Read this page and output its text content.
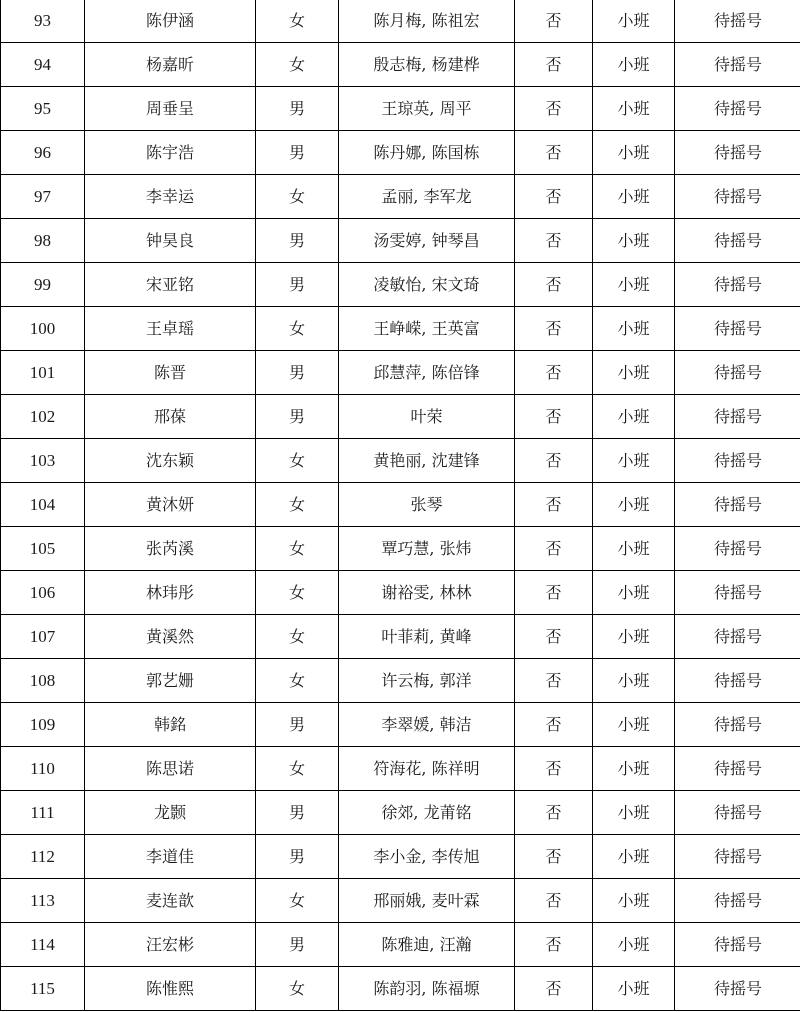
93	陈伊涵	女	陈月梅, 陈祖宏	否	小班	待摇号
94	杨嘉昕	女	殷志梅, 杨建桦	否	小班	待摇号
95	周垂呈	男	王琼英, 周平	否	小班	待摇号
96	陈宇浩	男	陈丹娜, 陈国栋	否	小班	待摇号
97	李幸运	女	孟丽, 李军龙	否	小班	待摇号
98	钟昊良	男	汤雯婷, 钟琴昌	否	小班	待摇号
99	宋亚铭	男	凌敏怡, 宋文琦	否	小班	待摇号
100	王卓瑶	女	王峥嵘, 王英富	否	小班	待摇号
101	陈晋	男	邱慧萍, 陈倍锋	否	小班	待摇号
102	邢葆	男	叶荣	否	小班	待摇号
103	沈东颖	女	黄艳丽, 沈建锋	否	小班	待摇号
104	黄沐妍	女	张琴	否	小班	待摇号
105	张芮溪	女	覃巧慧, 张炜	否	小班	待摇号
106	林玮彤	女	谢裕雯, 林林	否	小班	待摇号
107	黄溪然	女	叶菲莉, 黄峰	否	小班	待摇号
108	郭艺姗	女	许云梅, 郭洋	否	小班	待摇号
109	韩銘	男	李翠媛, 韩洁	否	小班	待摇号
110	陈思诺	女	符海花, 陈祥明	否	小班	待摇号
111	龙颢	男	徐郊, 龙莆铭	否	小班	待摇号
112	李道佳	男	李小金, 李传旭	否	小班	待摇号
113	麦连歆	女	邢丽娥, 麦叶霖	否	小班	待摇号
114	汪宏彬	男	陈雅迪, 汪瀚	否	小班	待摇号
115	陈惟熙	女	陈韵羽, 陈福塬	否	小班	待摇号
